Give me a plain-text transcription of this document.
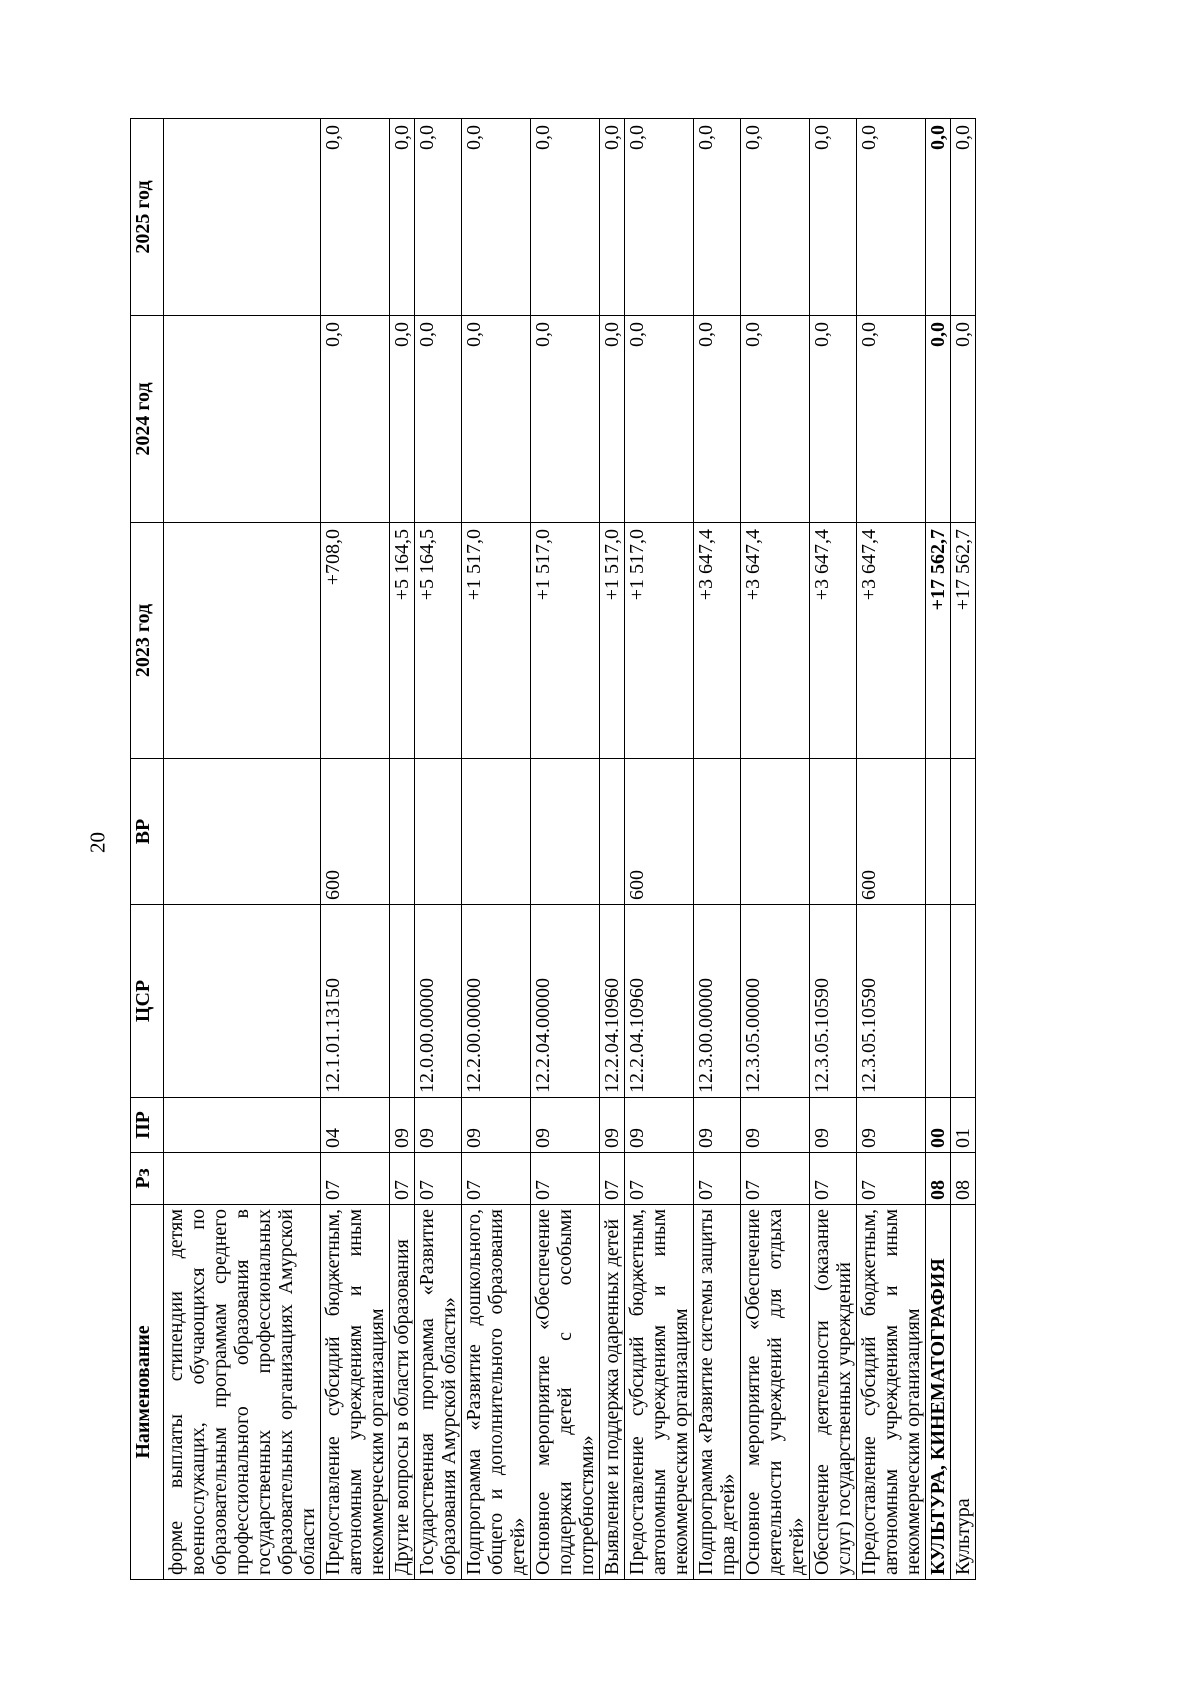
20
Наименование	Рз	ПР	ЦСР	ВР	2023 год	2024 год	2025 год
форме выплаты стипендии детям военнослужащих, обучающихся по образовательным программам среднего профессионального образования в государственных профессиональных образовательных организациях Амурской области							
Предоставление субсидий бюджетным, автономным учреждениям и иным некоммерческим организациям	07	04	12.1.01.13150	600	+708,0	0,0	0,0
Другие вопросы в области образования	07	09			+5 164,5	0,0	0,0
Государственная программа «Развитие образования Амурской области»	07	09	12.0.00.00000		+5 164,5	0,0	0,0
Подпрограмма «Развитие дошкольного, общего и дополнительного образования детей»	07	09	12.2.00.00000		+1 517,0	0,0	0,0
Основное мероприятие «Обеспечение поддержки детей с особыми потребностями»	07	09	12.2.04.00000		+1 517,0	0,0	0,0
Выявление и поддержка одаренных детей	07	09	12.2.04.10960		+1 517,0	0,0	0,0
Предоставление субсидий бюджетным, автономным учреждениям и иным некоммерческим организациям	07	09	12.2.04.10960	600	+1 517,0	0,0	0,0
Подпрограмма «Развитие системы защиты прав детей»	07	09	12.3.00.00000		+3 647,4	0,0	0,0
Основное мероприятие «Обеспечение деятельности учреждений для отдыха детей»	07	09	12.3.05.00000		+3 647,4	0,0	0,0
Обеспечение деятельности (оказание услуг) государственных учреждений	07	09	12.3.05.10590		+3 647,4	0,0	0,0
Предоставление субсидий бюджетным, автономным учреждениям и иным некоммерческим организациям	07	09	12.3.05.10590	600	+3 647,4	0,0	0,0
КУЛЬТУРА, КИНЕМАТОГРАФИЯ	08	00			+17 562,7	0,0	0,0
Культура	08	01			+17 562,7	0,0	0,0
